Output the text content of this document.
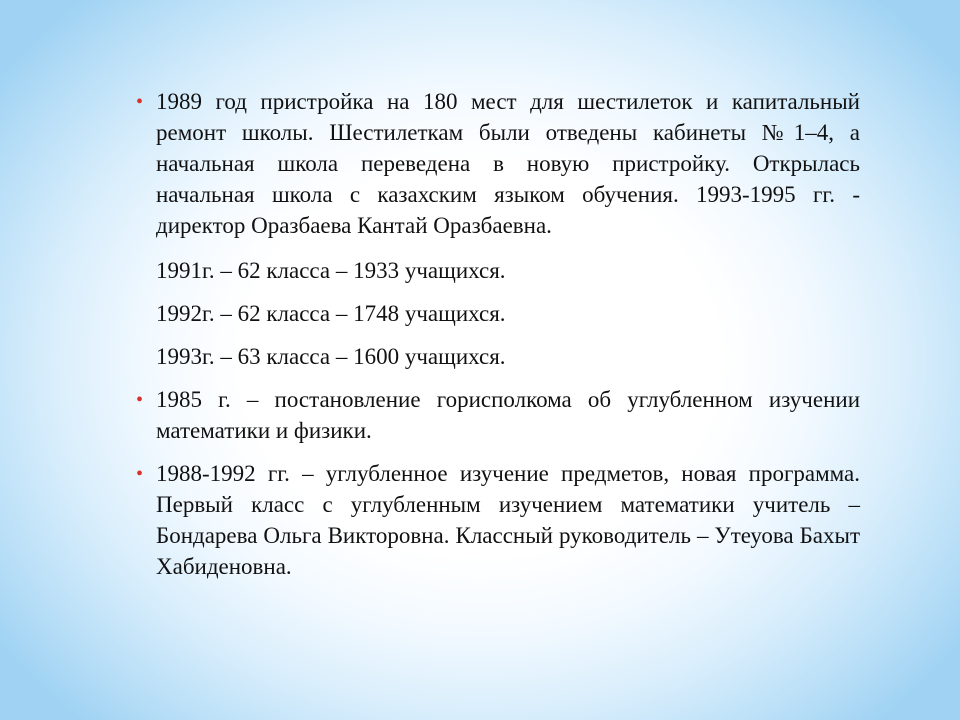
• 1989 год пристройка на 180 мест для шестилеток и капитальный ремонт школы. Шестилеткам были отведены кабинеты №1–4, а начальная школа переведена в новую пристройку. Открылась начальная школа с казахским языком обучения. 1993-1995 гг. - директор Оразбаева Кантай Оразбаевна.
1991г. – 62 класса – 1933 учащихся.
1992г. – 62 класса – 1748 учащихся.
1993г. – 63 класса – 1600 учащихся.
• 1985 г. – постановление горисполкома об углубленном изучении математики и физики.
• 1988-1992 гг. – углубленное изучение предметов, новая программа. Первый класс с углубленным изучением математики учитель – Бондарева Ольга Викторовна. Классный руководитель – Утеуова Бахыт Хабиденовна.
